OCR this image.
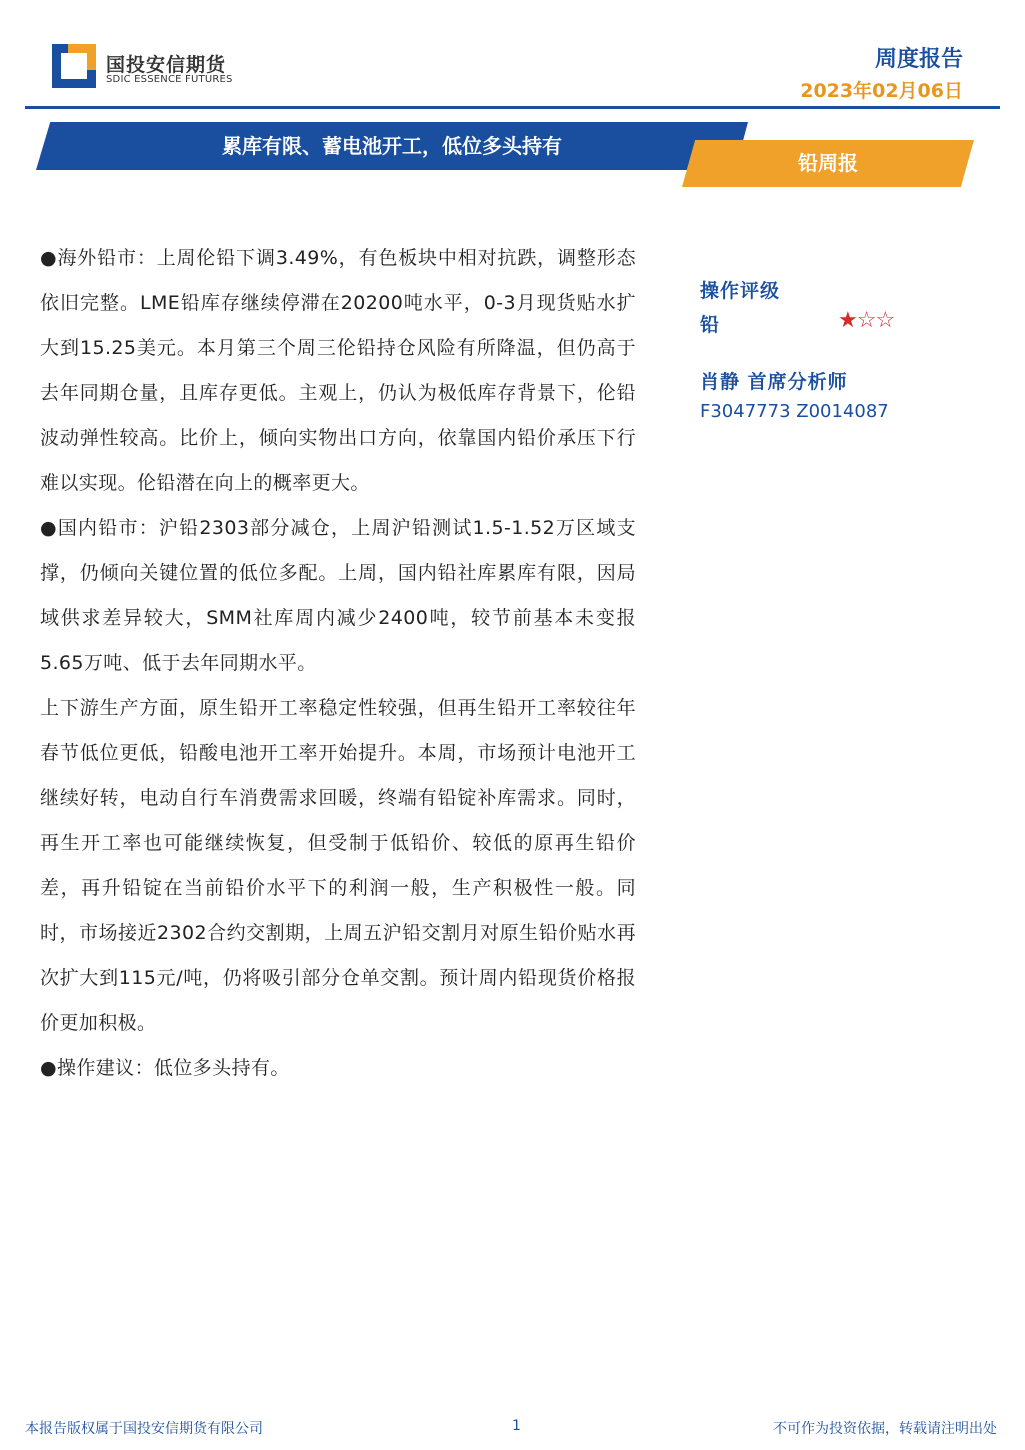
国投安信期货
SDIC ESSENCE FUTURES
周度报告
2023年02月06日
累库有限、蓄电池开工，低位多头持有
铅周报

●海外铅市：上周伦铅下调3.49%，有色板块中相对抗跌，调整形态依旧完整。LME铅库存继续停滞在20200吨水平，0-3月现货贴水扩大到15.25美元。本月第三个周三伦铅持仓风险有所降温，但仍高于去年同期仓量，且库存更低。主观上，仍认为极低库存背景下，伦铅波动弹性较高。比价上，倾向实物出口方向，依靠国内铅价承压下行难以实现。伦铅潜在向上的概率更大。

●国内铅市：沪铅2303部分减仓，上周沪铅测试1.5-1.52万区域支撑，仍倾向关键位置的低位多配。上周，国内铅社库累库有限，因局域供求差异较大，SMM社库周内减少2400吨，较节前基本未变报5.65万吨、低于去年同期水平。

上下游生产方面，原生铅开工率稳定性较强，但再生铅开工率较往年春节低位更低，铅酸电池开工率开始提升。本周，市场预计电池开工继续好转，电动自行车消费需求回暖，终端有铅锭补库需求。同时，再生开工率也可能继续恢复，但受制于低铅价、较低的原再生铅价差，再升铅锭在当前铅价水平下的利润一般，生产积极性一般。同时，市场接近2302合约交割期，上周五沪铅交割月对原生铅价贴水再次扩大到115元/吨，仍将吸引部分仓单交割。预计周内铅现货价格报价更加积极。

●操作建议：低位多头持有。

操作评级
铅	★☆☆
肖静 首席分析师
F3047773 Z0014087
本报告版权属于国投安信期货有限公司	1	不可作为投资依据，转载请注明出处
